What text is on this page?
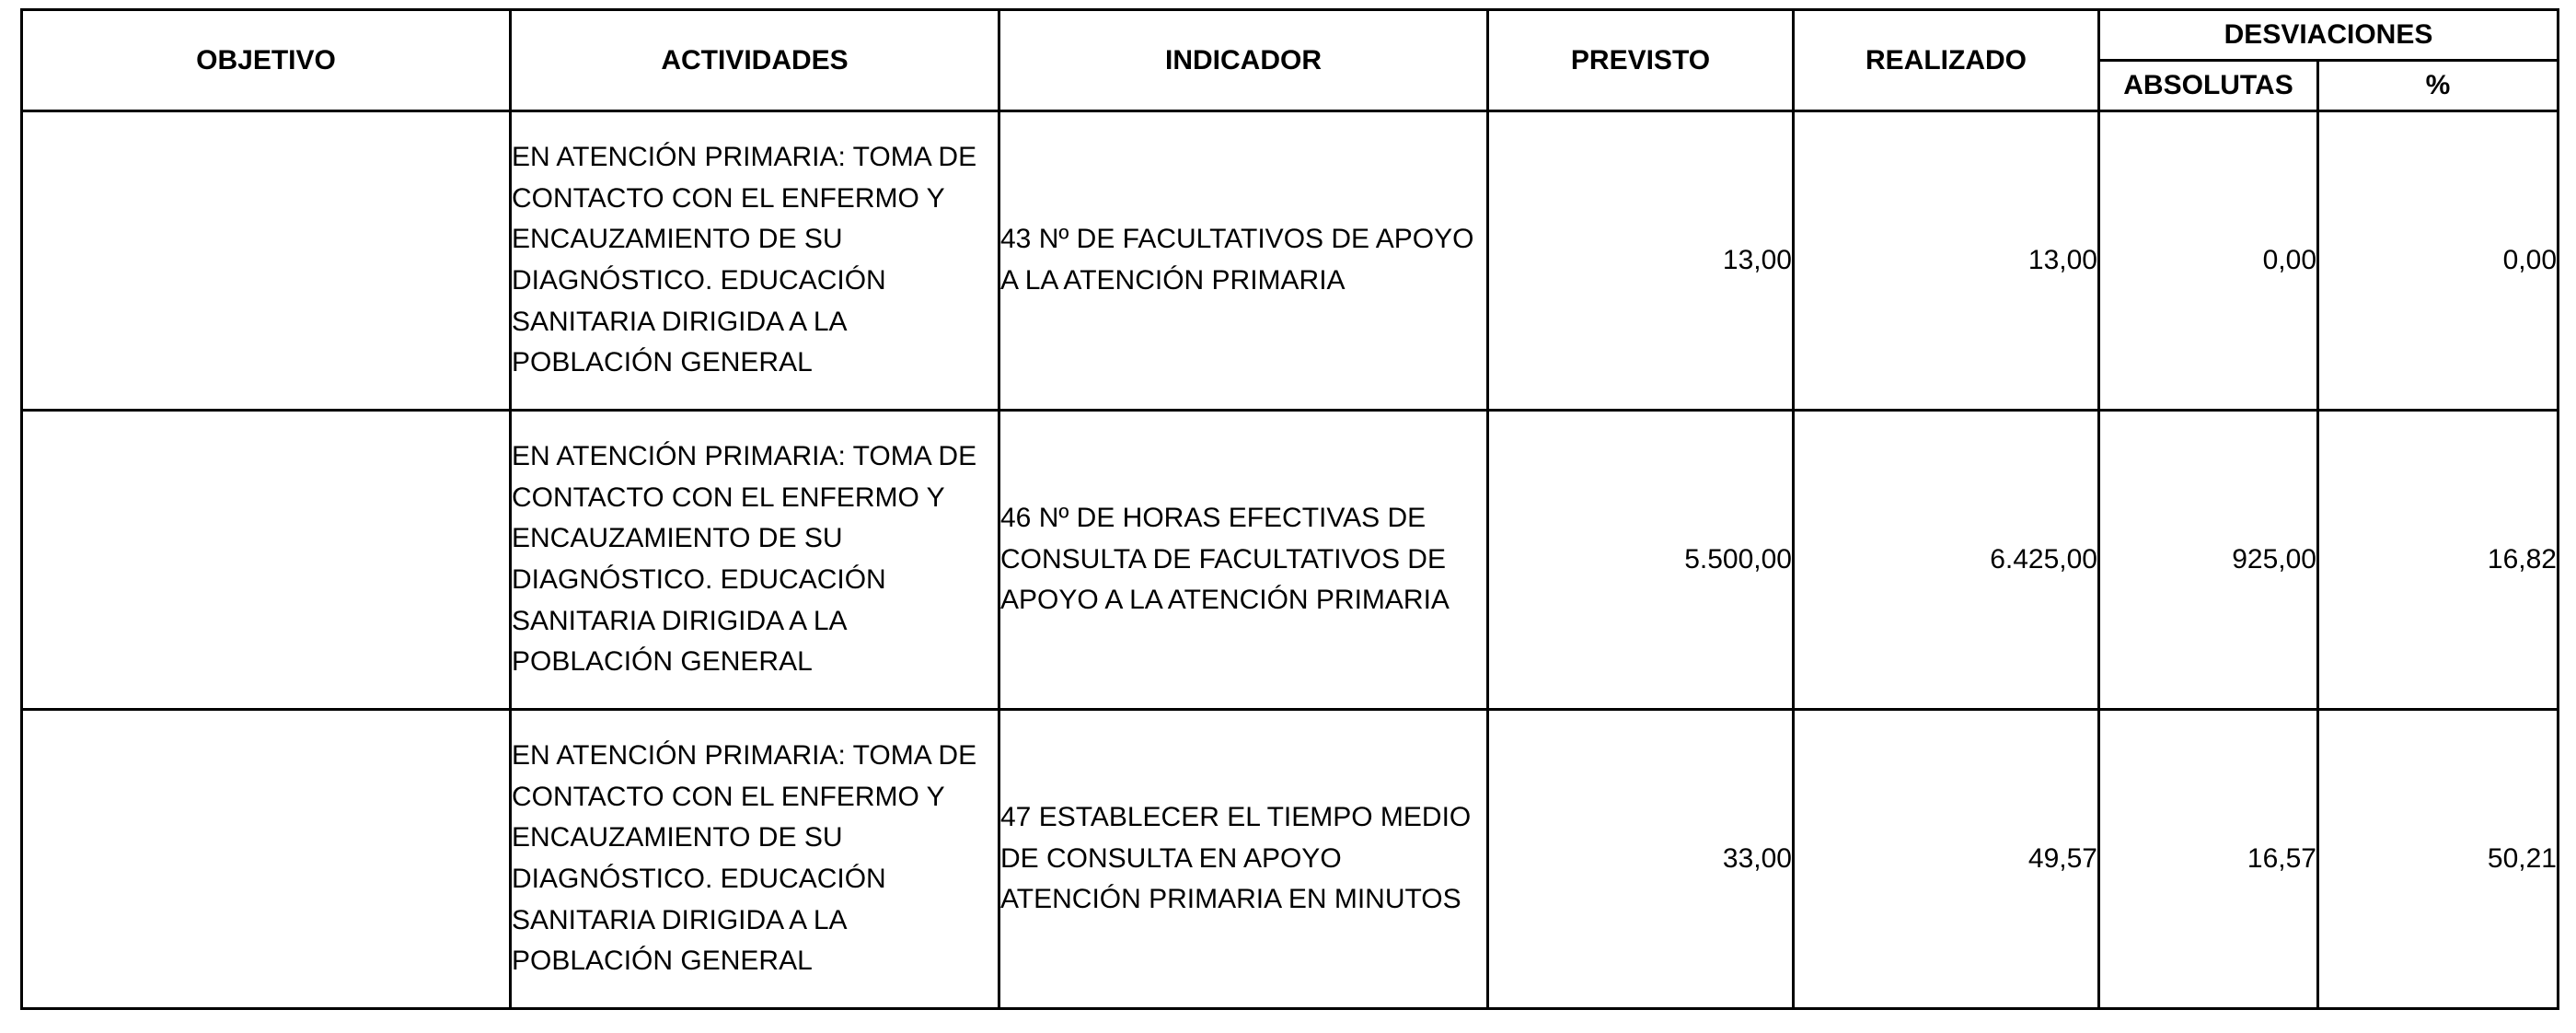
OBJETIVO	ACTIVIDADES	INDICADOR	PREVISTO	REALIZADO	DESVIACIONES	
					ABSOLUTAS	%
	EN ATENCIÓN PRIMARIA: TOMA DE CONTACTO CON EL ENFERMO Y ENCAUZAMIENTO DE SU DIAGNÓSTICO. EDUCACIÓN SANITARIA DIRIGIDA A LA POBLACIÓN GENERAL	43 Nº DE FACULTATIVOS DE APOYO A LA ATENCIÓN PRIMARIA	13,00	13,00	0,00	0,00
	EN ATENCIÓN PRIMARIA: TOMA DE CONTACTO CON EL ENFERMO Y ENCAUZAMIENTO DE SU DIAGNÓSTICO. EDUCACIÓN SANITARIA DIRIGIDA A LA POBLACIÓN GENERAL	46 Nº DE HORAS EFECTIVAS DE CONSULTA DE FACULTATIVOS DE APOYO A LA ATENCIÓN PRIMARIA	5.500,00	6.425,00	925,00	16,82
	EN ATENCIÓN PRIMARIA: TOMA DE CONTACTO CON EL ENFERMO Y ENCAUZAMIENTO DE SU DIAGNÓSTICO. EDUCACIÓN SANITARIA DIRIGIDA A LA POBLACIÓN GENERAL	47 ESTABLECER EL TIEMPO MEDIO DE CONSULTA EN APOYO ATENCIÓN PRIMARIA EN MINUTOS	33,00	49,57	16,57	50,21
